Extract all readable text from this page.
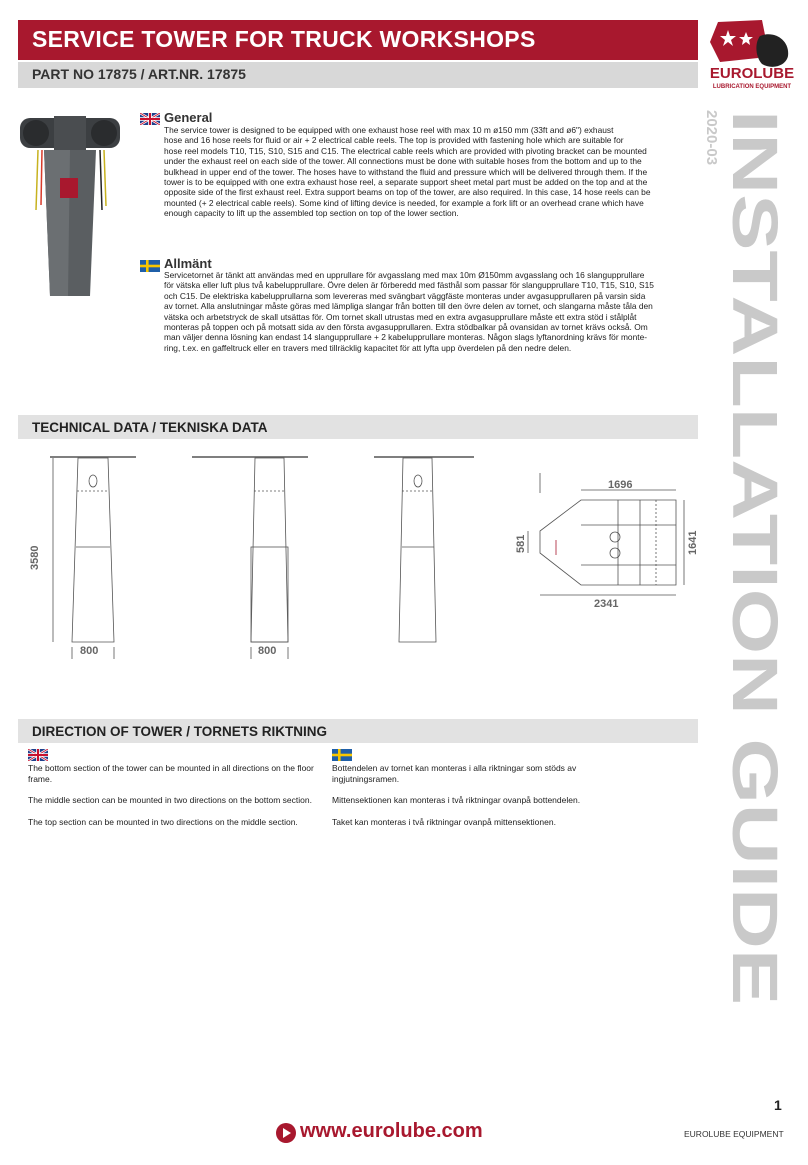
SERVICE TOWER FOR TRUCK WORKSHOPS
PART NO 17875 / ART.NR. 17875	EUROLUBE
LUBRICATION EQUIPMENT
2020-03 INSTALLATION GUIDE
General
The service tower is designed to be equipped with one exhaust hose reel with max 10 m ø150 mm (33ft and ø6") exhaust
hose and 16 hose reels for fluid or air + 2 electrical cable reels. The top is provided with fastening hole which are suitable for
hose reel models T10, T15, S10, S15 and C15. The electrical cable reels which are provided with pivoting bracket can be mounted
under the exhaust reel on each side of the tower. All connections must be done with suitable hoses from the bottom and up to the
bulkhead in upper end of the tower. The hoses have to withstand the fluid and pressure which will be delivered through them. If the
tower is to be equipped with one extra exhaust hose reel, a separate support sheet metal part must be added on the top and at the
opposite side of the first exhaust reel. Extra support beams on top of the tower, are also required. In this case, 14 hose reels can be
mounted (+ 2 electrical cable reels). Some kind of lifting device is needed, for example a fork lift or an overhead crane which have
enough capacity to lift up the assembled top section on top of the lower section.
Allmänt
Servicetornet är tänkt att användas med en upprullare för avgasslang med max 10m Ø150mm avgasslang och 16 slangupprullare
för vätska eller luft plus två kabelupprullare. Övre delen är förberedd med fästhål som passar för slangupprullare T10, T15, S10, S15
och C15. De elektriska kabelupprullarna som levereras med svängbart väggfäste monteras under avgasupprullaren på varsin sida
av tornet. Alla anslutningar måste göras med lämpliga slangar från botten till den övre delen av tornet, och slangarna måste tåla den
vätska och arbetstryck de skall utsättas för. Om tornet skall utrustas med en extra avgasupprullare måste ett extra stöd i stålplåt
monteras på toppen och på motsatt sida av den första avgasupprullaren. Extra stödbalkar på ovansidan av tornet krävs också. Om
man väljer denna lösning kan endast 14 slangupprullare + 2 kabelupprullare monteras. Någon slags lyftanordning krävs för monte-
ring, t.ex. en gaffeltruck eller en travers med tillräcklig kapacitet för att lyfta upp överdelen på den nedre delen.
TECHNICAL DATA / TEKNISKA DATA
3580
800	800
1696
1641
581
2341
DIRECTION OF TOWER / TORNETS RIKTNING
The bottom section of the tower can be mounted in all directions on the floor frame.
The middle section can be mounted in two directions on the bottom section.
The top section can be mounted in two directions on the middle section.
Bottendelen av tornet kan monteras i alla riktningar som stöds av ingjutningsramen.
Mittensektionen kan monteras i två riktningar ovanpå bottendelen.
Taket kan monteras i två riktningar ovanpå mittensektionen.
1
www.eurolube.com	EUROLUBE EQUIPMENT
